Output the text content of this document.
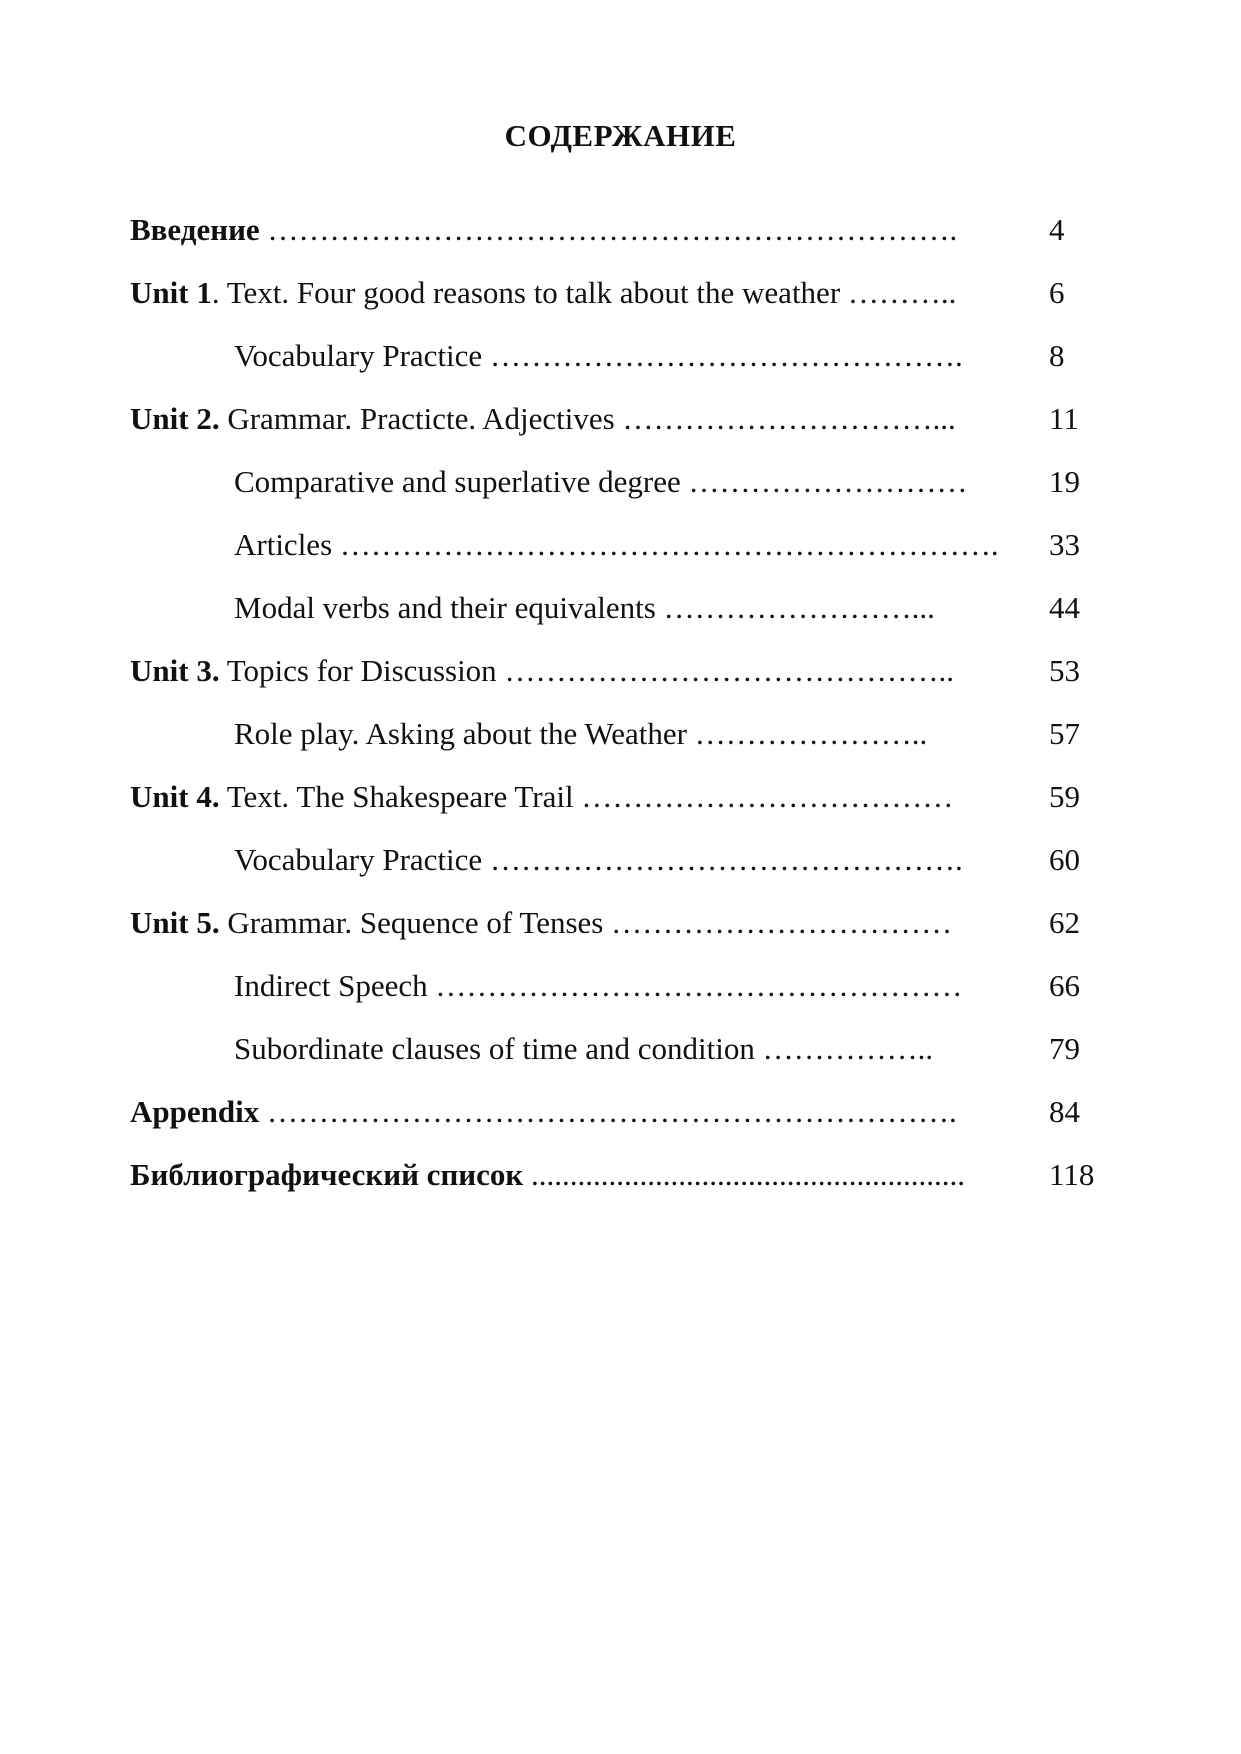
СОДЕРЖАНИЕ
Введение ………………………………………………………….	4
Unit 1. Text. Four good reasons to talk about the weather ………..	6
Vocabulary Practice ……………………………………….	8
Unit 2. Grammar. Practicte. Adjectives …………………………...	11
Comparative and superlative degree ………………………	19
Articles ……………………………………………………….	33
Modal verbs and their equivalents ……………………...	44
Unit 3. Topics for Discussion ……………………………………..	53
Role play. Asking about the Weather …………………..	57
Unit 4. Text. The Shakespeare Trail ………………………………	59
Vocabulary Practice ……………………………………….	60
Unit 5. Grammar. Sequence of Tenses ……………………………	62
Indirect Speech ……………………………………………	66
Subordinate clauses of time and condition ……………..	79
Appendix ………………………………………………………….	84
Библиографический список ........................................................	118
